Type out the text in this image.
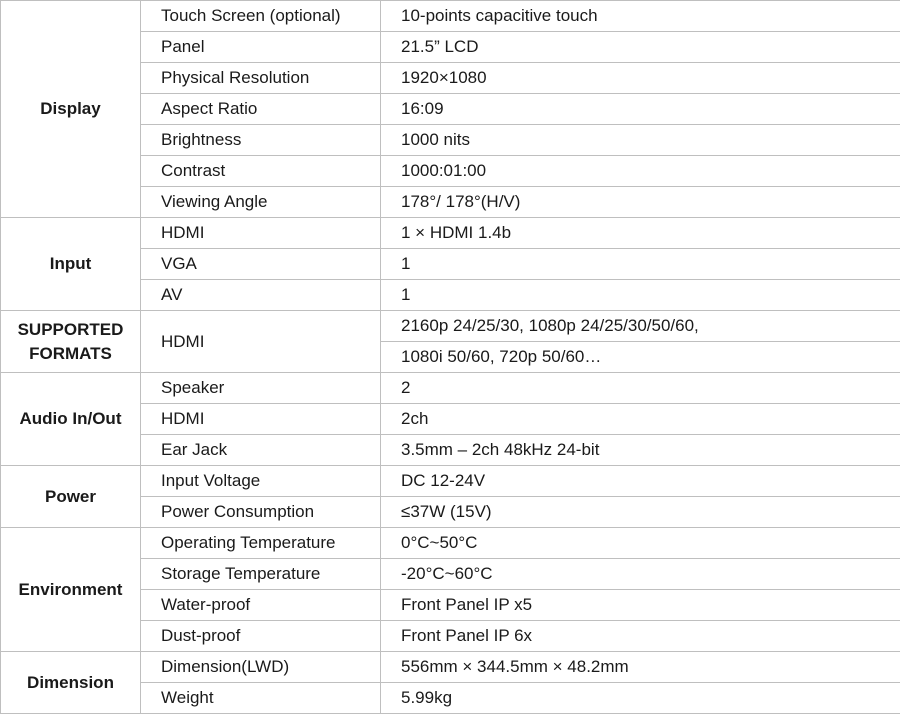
Display	Touch Screen (optional)	10-points capacitive touch
	Panel	21.5” LCD
	Physical Resolution	1920×1080
	Aspect Ratio	16:09
	Brightness	1000 nits
	Contrast	1000:01:00
	Viewing Angle	178°/ 178°(H/V)
Input	HDMI	1 × HDMI 1.4b
	VGA	1
	AV	1
SUPPORTED FORMATS	HDMI	2160p 24/25/30, 1080p 24/25/30/50/60,
		1080i 50/60, 720p 50/60…
Audio In/Out	Speaker	2
	HDMI	2ch
	Ear Jack	3.5mm – 2ch 48kHz 24-bit
Power	Input Voltage	DC 12-24V
	Power Consumption	≤37W (15V)
Environment	Operating Temperature	0°C~50°C
	Storage Temperature	-20°C~60°C
	Water-proof	Front Panel IP x5
	Dust-proof	Front Panel IP 6x
Dimension	Dimension(LWD)	556mm × 344.5mm × 48.2mm
	Weight	5.99kg
